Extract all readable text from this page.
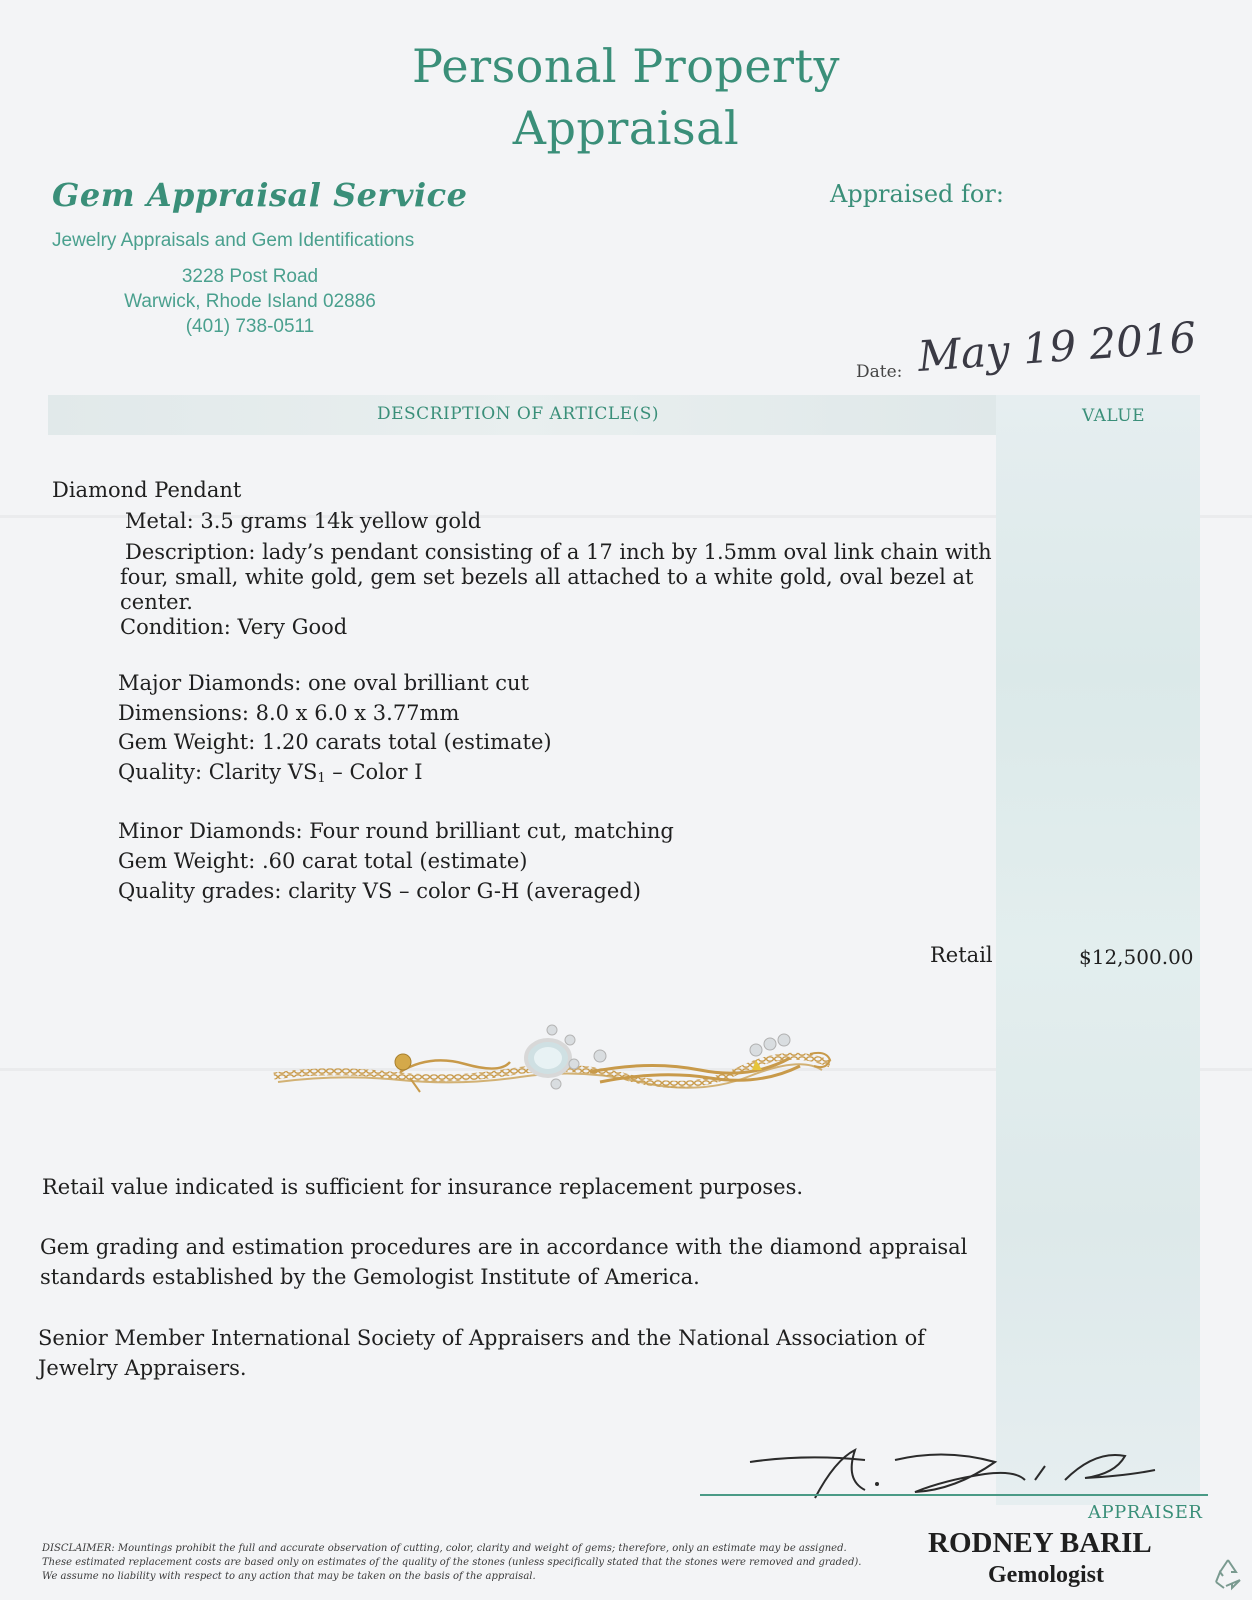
Personal Property
Appraisal
Gem Appraisal Service
Jewelry Appraisals and Gem Identifications
3228 Post Road
Warwick, Rhode Island 02886
(401) 738-0511
Appraised for:
Date: May 19 2016
DESCRIPTION OF ARTICLE(S)	VALUE
Diamond Pendant
Metal: 3.5 grams 14k yellow gold
Description: lady’s pendant consisting of a 17 inch by 1.5mm oval link chain with
four, small, white gold, gem set bezels all attached to a white gold, oval bezel at
center.
Condition: Very Good
Major Diamonds: one oval brilliant cut
Dimensions: 8.0 x 6.0 x 3.77mm
Gem Weight: 1.20 carats total (estimate)
Quality: Clarity $VS_1$ – Color I
Minor Diamonds: Four round brilliant cut, matching
Gem Weight: .60 carat total (estimate)
Quality grades: clarity VS – color G-H (averaged)
Retail	$12,500.00
Retail value indicated is sufficient for insurance replacement purposes.
Gem grading and estimation procedures are in accordance with the diamond appraisal
standards established by the Gemologist Institute of America.
Senior Member International Society of Appraisers and the National Association of
Jewelry Appraisers.
APPRAISER
RODNEY BARIL
Gemologist
DISCLAIMER: Mountings prohibit the full and accurate observation of cutting, color, clarity and weight of gems; therefore, only an estimate may be assigned.
These estimated replacement costs are based only on estimates of the quality of the stones (unless specifically stated that the stones were removed and graded).
We assume no liability with respect to any action that may be taken on the basis of the appraisal.
